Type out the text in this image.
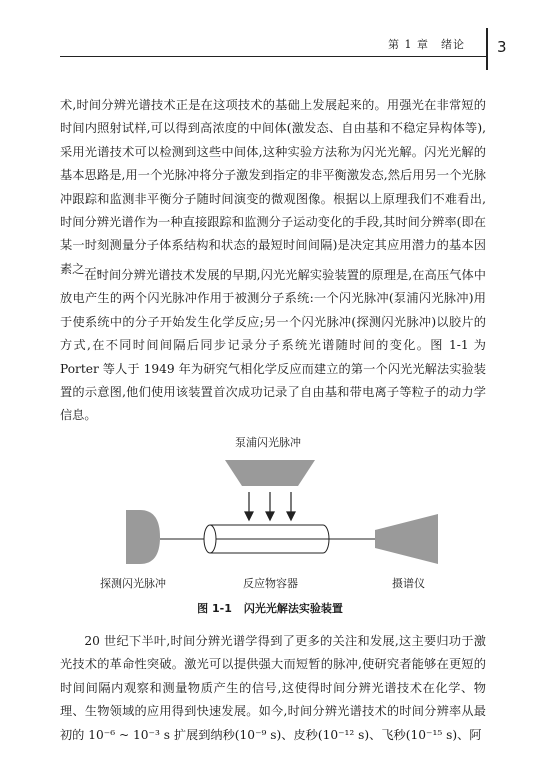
第 1 章　绪论	3

术,时间分辨光谱技术正是在这项技术的基础上发展起来的。用强光在非常短的时间内照射试样,可以得到高浓度的中间体(激发态、自由基和不稳定异构体等),采用光谱技术可以检测到这些中间体,这种实验方法称为闪光光解。闪光光解的基本思路是,用一个光脉冲将分子激发到指定的非平衡激发态,然后用另一个光脉冲跟踪和监测非平衡分子随时间演变的微观图像。根据以上原理我们不难看出,时间分辨光谱作为一种直接跟踪和监测分子运动变化的手段,其时间分辨率(即在某一时刻测量分子体系结构和状态的最短时间间隔)是决定其应用潜力的基本因素之一。

在时间分辨光谱技术发展的早期,闪光光解实验装置的原理是,在高压气体中放电产生的两个闪光脉冲作用于被测分子系统:一个闪光脉冲(泵浦闪光脉冲)用于使系统中的分子开始发生化学反应;另一个闪光脉冲(探测闪光脉冲)以胶片的方式,在不同时间间隔后同步记录分子系统光谱随时间的变化。图 1-1 为 Porter 等人于 1949 年为研究气相化学反应而建立的第一个闪光光解法实验装置的示意图,他们使用该装置首次成功记录了自由基和带电离子等粒子的动力学信息。

泵浦闪光脉冲
探测闪光脉冲	反应物容器	摄谱仪
图 1-1 闪光光解法实验装置

20 世纪下半叶,时间分辨光谱学得到了更多的关注和发展,这主要归功于激光技术的革命性突破。激光可以提供强大而短暂的脉冲,使研究者能够在更短的时间间隔内观察和测量物质产生的信号,这使得时间分辨光谱技术在化学、物理、生物领域的应用得到快速发展。如今,时间分辨光谱技术的时间分辨率从最初的 10⁻⁶ ~ 10⁻³ s 扩展到纳秒(10⁻⁹ s)、皮秒(10⁻¹² s)、飞秒(10⁻¹⁵ s)、阿
